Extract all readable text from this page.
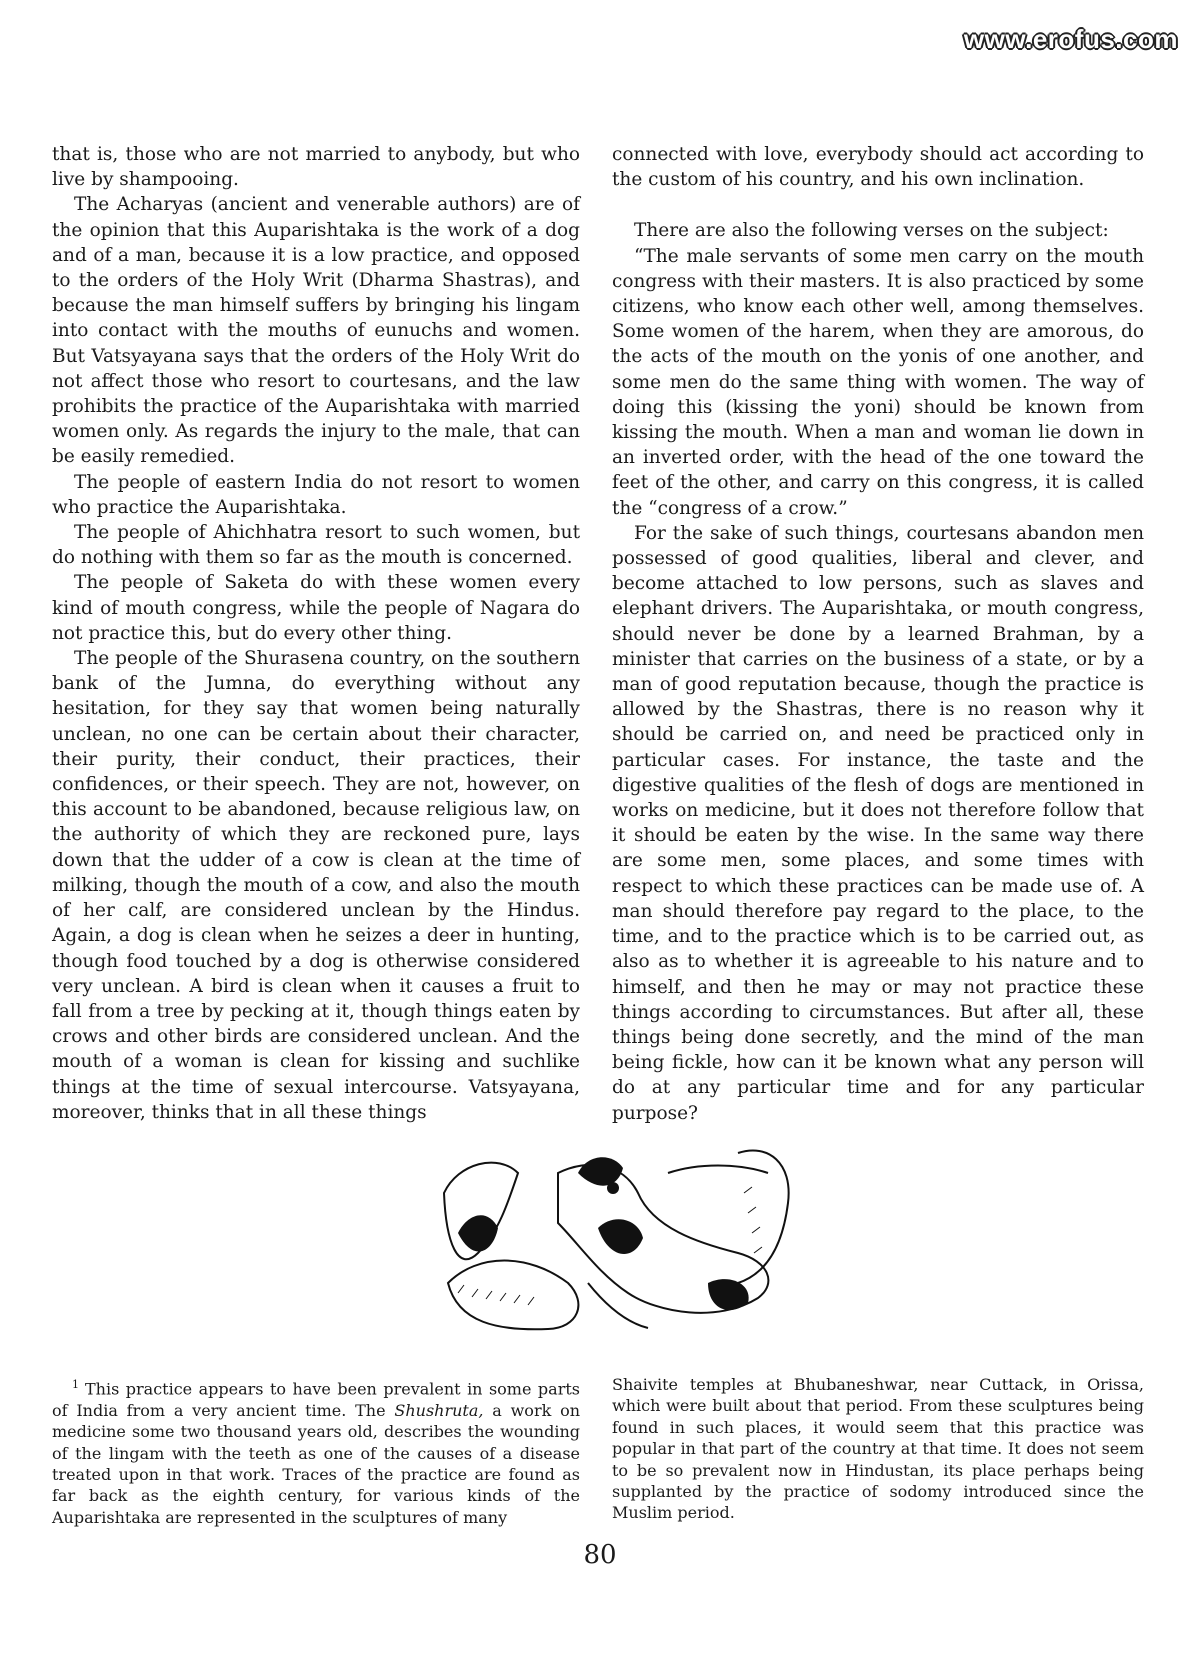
www.erofus.com

that is, those who are not married to anybody, but who live by shampooing.

The Acharyas (ancient and venerable authors) are of the opinion that this Auparishtaka is the work of a dog and of a man, because it is a low practice, and opposed to the orders of the Holy Writ (Dharma Shastras), and because the man himself suffers by bringing his lingam into contact with the mouths of eunuchs and women. But Vatsyayana says that the orders of the Holy Writ do not affect those who resort to courtesans, and the law prohibits the practice of the Auparishtaka with married women only. As regards the injury to the male, that can be easily remedied.

The people of eastern India do not resort to women who practice the Auparishtaka.

The people of Ahichhatra resort to such women, but do nothing with them so far as the mouth is concerned.

The people of Saketa do with these women every kind of mouth congress, while the people of Nagara do not practice this, but do every other thing.

The people of the Shurasena country, on the southern bank of the Jumna, do everything without any hesitation, for they say that women being naturally unclean, no one can be certain about their character, their purity, their conduct, their practices, their confidences, or their speech. They are not, however, on this account to be abandoned, because religious law, on the authority of which they are reckoned pure, lays down that the udder of a cow is clean at the time of milking, though the mouth of a cow, and also the mouth of her calf, are considered unclean by the Hindus. Again, a dog is clean when he seizes a deer in hunting, though food touched by a dog is otherwise considered very unclean. A bird is clean when it causes a fruit to fall from a tree by pecking at it, though things eaten by crows and other birds are considered unclean. And the mouth of a woman is clean for kissing and suchlike things at the time of sexual intercourse. Vatsyayana, moreover, thinks that in all these things

connected with love, everybody should act according to the custom of his country, and his own inclination.

There are also the following verses on the subject:

“The male servants of some men carry on the mouth congress with their masters. It is also practiced by some citizens, who know each other well, among themselves. Some women of the harem, when they are amorous, do the acts of the mouth on the yonis of one another, and some men do the same thing with women. The way of doing this (kissing the yoni) should be known from kissing the mouth. When a man and woman lie down in an inverted order, with the head of the one toward the feet of the other, and carry on this congress, it is called the “congress of a crow.”

For the sake of such things, courtesans abandon men possessed of good qualities, liberal and clever, and become attached to low persons, such as slaves and elephant drivers. The Auparishtaka, or mouth congress, should never be done by a learned Brahman, by a minister that carries on the business of a state, or by a man of good reputation because, though the practice is allowed by the Shastras, there is no reason why it should be carried on, and need be practiced only in particular cases. For instance, the taste and the digestive qualities of the flesh of dogs are mentioned in works on medicine, but it does not therefore follow that it should be eaten by the wise. In the same way there are some men, some places, and some times with respect to which these practices can be made use of. A man should therefore pay regard to the place, to the time, and to the practice which is to be carried out, as also as to whether it is agreeable to his nature and to himself, and then he may or may not practice these things according to circumstances. But after all, these things being done secretly, and the mind of the man being fickle, how can it be known what any person will do at any particular time and for any particular purpose?

$^1$ This practice appears to have been prevalent in some parts of India from a very ancient time. The Shushruta, a work on medicine some two thousand years old, describes the wounding of the lingam with the teeth as one of the causes of a disease treated upon in that work. Traces of the practice are found as far back as the eighth century, for various kinds of the Auparishtaka are represented in the sculptures of many

Shaivite temples at Bhubaneshwar, near Cuttack, in Orissa, which were built about that period. From these sculptures being found in such places, it would seem that this practice was popular in that part of the country at that time. It does not seem to be so prevalent now in Hindustan, its place perhaps being supplanted by the practice of sodomy introduced since the Muslim period.

80
